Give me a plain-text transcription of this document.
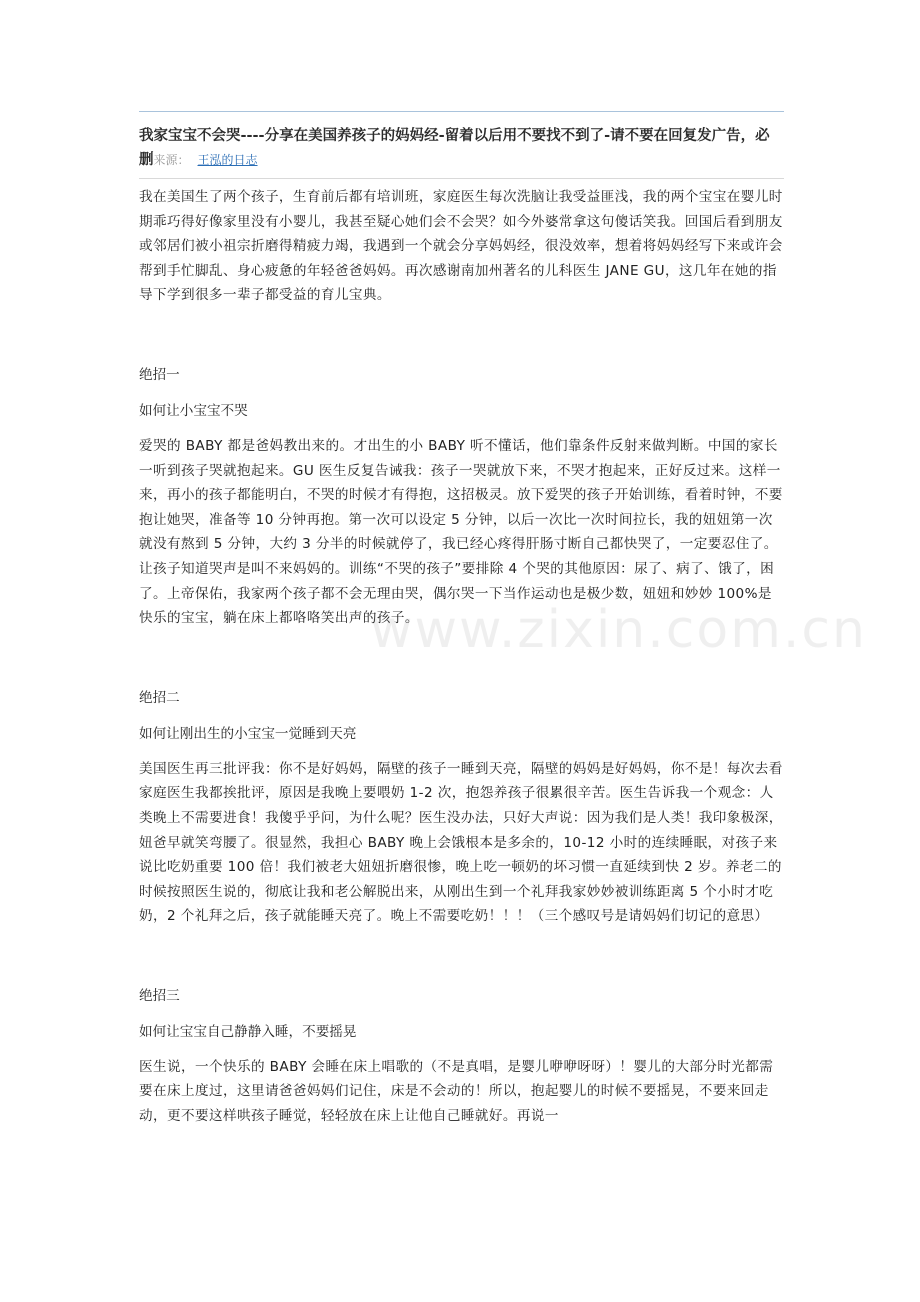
我家宝宝不会哭----分享在美国养孩子的妈妈经-留着以后用不要找不到了-请不要在回复发广告，必删来源： 王泓的日志

我在美国生了两个孩子，生育前后都有培训班，家庭医生每次洗脑让我受益匪浅，我的两个宝宝在婴儿时期乖巧得好像家里没有小婴儿，我甚至疑心她们会不会哭？如今外婆常拿这句傻话笑我。回国后看到朋友或邻居们被小祖宗折磨得精疲力竭，我遇到一个就会分享妈妈经，很没效率，想着将妈妈经写下来或许会帮到手忙脚乱、身心疲惫的年轻爸爸妈妈。再次感谢南加州著名的儿科医生 JANE GU，这几年在她的指导下学到很多一辈子都受益的育儿宝典。

绝招一

如何让小宝宝不哭

爱哭的 BABY 都是爸妈教出来的。才出生的小 BABY 听不懂话，他们靠条件反射来做判断。中国的家长一听到孩子哭就抱起来。GU 医生反复告诫我：孩子一哭就放下来，不哭才抱起来，正好反过来。这样一来，再小的孩子都能明白，不哭的时候才有得抱，这招极灵。放下爱哭的孩子开始训练，看着时钟，不要抱让她哭，准备等 10 分钟再抱。第一次可以设定 5 分钟，以后一次比一次时间拉长，我的妞妞第一次就没有熬到 5 分钟，大约 3 分半的时候就停了，我已经心疼得肝肠寸断自己都快哭了，一定要忍住了。让孩子知道哭声是叫不来妈妈的。训练“不哭的孩子”要排除 4 个哭的其他原因：尿了、病了、饿了，困了。上帝保佑，我家两个孩子都不会无理由哭，偶尔哭一下当作运动也是极少数，妞妞和妙妙 100%是快乐的宝宝，躺在床上都咯咯笑出声的孩子。

绝招二

如何让刚出生的小宝宝一觉睡到天亮

美国医生再三批评我：你不是好妈妈，隔壁的孩子一睡到天亮，隔壁的妈妈是好妈妈，你不是！每次去看家庭医生我都挨批评，原因是我晚上要喂奶 1-2 次，抱怨养孩子很累很辛苦。医生告诉我一个观念：人类晚上不需要进食！我傻乎乎问，为什么呢？医生没办法，只好大声说：因为我们是人类！我印象极深，妞爸早就笑弯腰了。很显然，我担心 BABY 晚上会饿根本是多余的，10-12 小时的连续睡眠，对孩子来说比吃奶重要 100 倍！我们被老大妞妞折磨很惨，晚上吃一顿奶的坏习惯一直延续到快 2 岁。养老二的时候按照医生说的，彻底让我和老公解脱出来，从刚出生到一个礼拜我家妙妙被训练距离 5 个小时才吃奶，2 个礼拜之后，孩子就能睡天亮了。晚上不需要吃奶！！！（三个感叹号是请妈妈们切记的意思）

绝招三

如何让宝宝自己静静入睡，不要摇晃

医生说，一个快乐的 BABY 会睡在床上唱歌的（不是真唱，是婴儿咿咿呀呀）！婴儿的大部分时光都需要在床上度过，这里请爸爸妈妈们记住，床是不会动的！所以，抱起婴儿的时候不要摇晃，不要来回走动，更不要这样哄孩子睡觉，轻轻放在床上让他自己睡就好。再说一

www.zixin.com.cn
